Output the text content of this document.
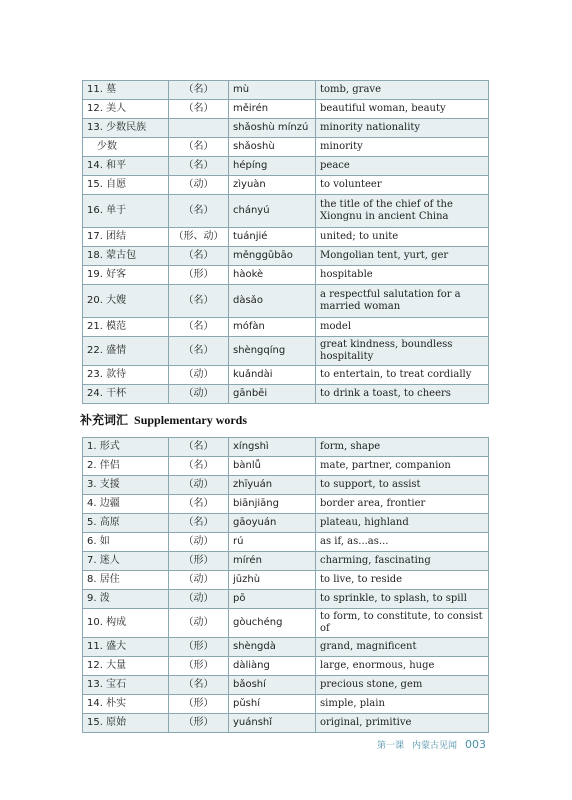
11. 墓	（名）	mù	tomb, grave
12. 美人	（名）	měirén	beautiful woman, beauty
13. 少数民族		shǎoshù mínzú	minority nationality
　少数	（名）	shǎoshù	minority
14. 和平	（名）	hépíng	peace
15. 自愿	（动）	zìyuàn	to volunteer
16. 单于	（名）	chányú	the title of the chief of the Xiongnu in ancient China
17. 团结	（形、动）	tuánjié	united; to unite
18. 蒙古包	（名）	měnggǔbāo	Mongolian tent, yurt, ger
19. 好客	（形）	hàokè	hospitable
20. 大嫂	（名）	dàsǎo	a respectful salutation for a married woman
21. 模范	（名）	mófàn	model
22. 盛情	（名）	shèngqíng	great kindness, boundless hospitality
23. 款待	（动）	kuǎndài	to entertain, to treat cordially
24. 干杯	（动）	gānbēi	to drink a toast, to cheers
补充词汇 Supplementary words
1. 形式	（名）	xíngshì	form, shape
2. 伴侣	（名）	bànlǚ	mate, partner, companion
3. 支援	（动）	zhīyuán	to support, to assist
4. 边疆	（名）	biānjiāng	border area, frontier
5. 高原	（名）	gāoyuán	plateau, highland
6. 如	（动）	rú	as if, as...as...
7. 迷人	（形）	mírén	charming, fascinating
8. 居住	（动）	jūzhù	to live, to reside
9. 泼	（动）	pō	to sprinkle, to splash, to spill
10. 构成	（动）	gòuchéng	to form, to constitute, to consist of
11. 盛大	（形）	shèngdà	grand, magnificent
12. 大量	（形）	dàliàng	large, enormous, huge
13. 宝石	（名）	bǎoshí	precious stone, gem
14. 朴实	（形）	pǔshí	simple, plain
15. 原始	（形）	yuánshǐ	original, primitive
第一课 内蒙古见闻 003
